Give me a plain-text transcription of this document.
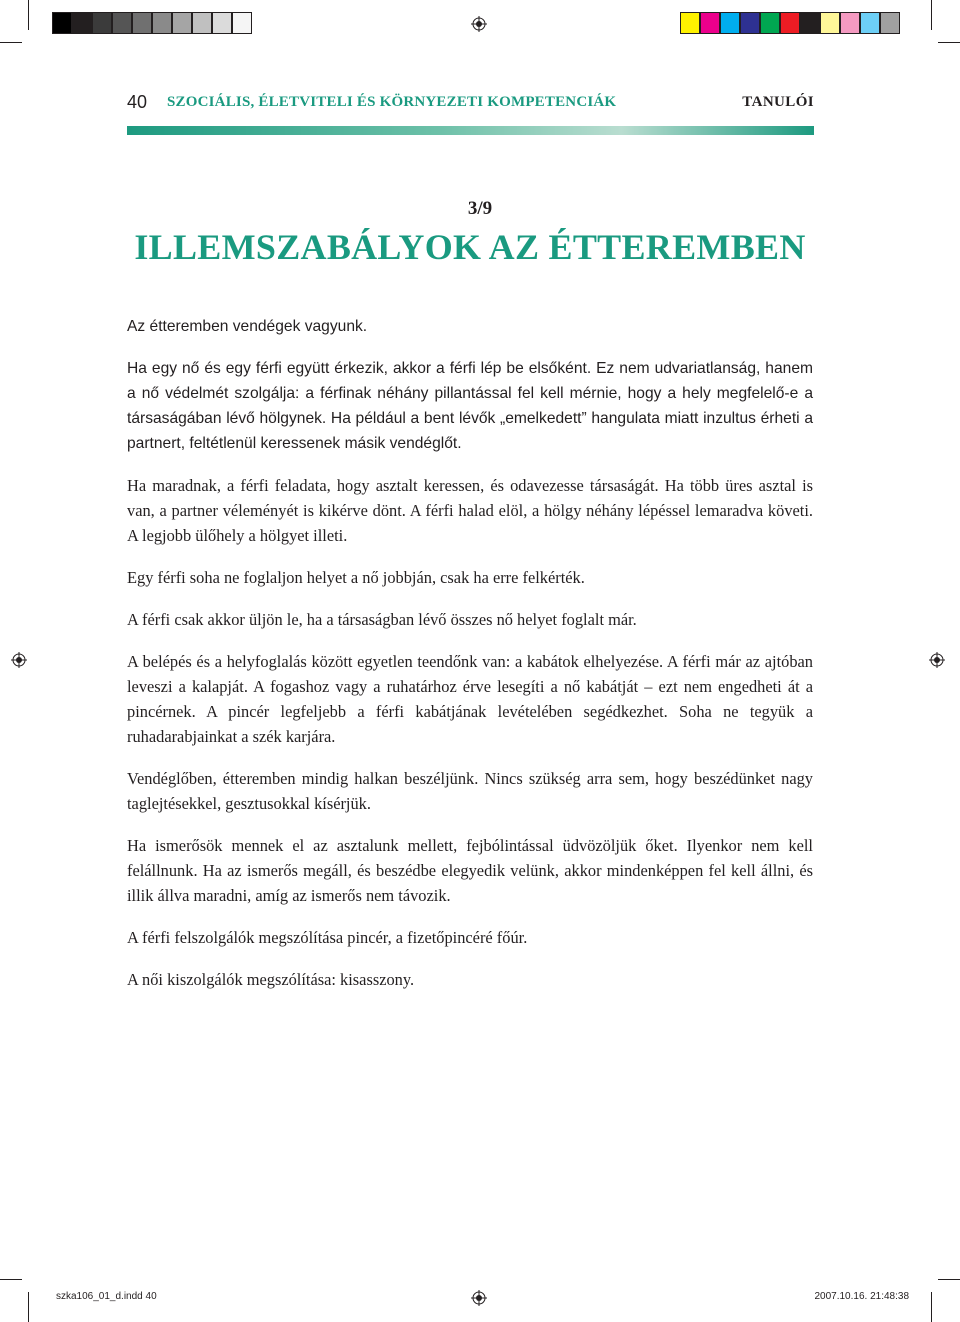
40 SZOCIÁLIS, ÉLETVITELI ÉS KÖRNYEZETI KOMPETENCIÁK	TANULÓI
3/9
ILLEMSZABÁLYOK AZ ÉTTEREMBEN

Az étteremben vendégek vagyunk.

Ha egy nő és egy férfi együtt érkezik, akkor a férfi lép be elsőként. Ez nem udvariatlanság, hanem a nő védelmét szolgálja: a férfinak néhány pillantással fel kell mérnie, hogy a hely megfelelő-e a társaságában lévő hölgynek. Ha például a bent lévők „emelkedett” hangulata miatt inzultus érheti a partnert, feltétlenül keressenek másik vendéglőt.

Ha maradnak, a férfi feladata, hogy asztalt keressen, és odavezesse társaságát. Ha több üres asztal is van, a partner véleményét is kikérve dönt. A férfi halad elöl, a hölgy néhány lépéssel lemaradva követi. A legjobb ülőhely a hölgyet illeti.

Egy férfi soha ne foglaljon helyet a nő jobbján, csak ha erre felkérték.

A férfi csak akkor üljön le, ha a társaságban lévő összes nő helyet foglalt már.

A belépés és a helyfoglalás között egyetlen teendőnk van: a kabátok elhelyezése. A férfi már az ajtóban leveszi a kalapját. A fogashoz vagy a ruhatárhoz érve lesegíti a nő kabátját – ezt nem engedheti át a pincérnek. A pincér legfeljebb a férfi kabátjának levételében segédkezhet. Soha ne tegyük a ruhadarabjainkat a szék karjára.

Vendéglőben, étteremben mindig halkan beszéljünk. Nincs szükség arra sem, hogy beszédünket nagy taglejtésekkel, gesztusokkal kísérjük.

Ha ismerősök mennek el az asztalunk mellett, fejbólintással üdvözöljük őket. Ilyenkor nem kell felállnunk. Ha az ismerős megáll, és beszédbe elegyedik velünk, akkor mindenképpen fel kell állni, és illik állva maradni, amíg az ismerős nem távozik.

A férfi felszolgálók megszólítása pincér, a fizetőpincéré főúr.

A női kiszolgálók megszólítása: kisasszony.

szka106_01_d.indd 40	2007.10.16. 21:48:38
